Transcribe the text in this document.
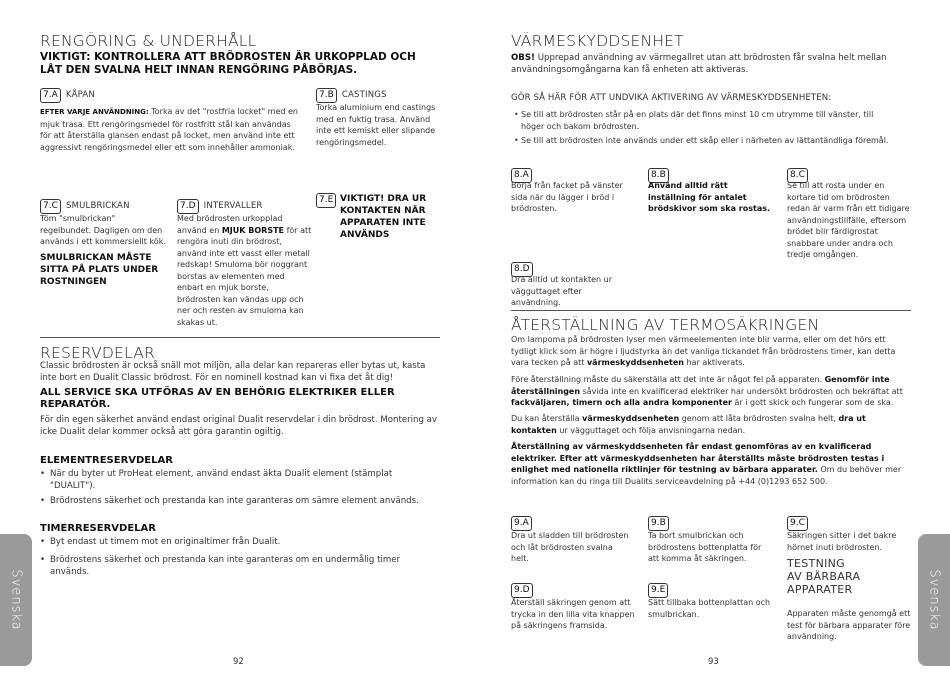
RENGÖRING & UNDERHÅLL
VIKTIGT: KONTROLLERA ATT BRÖDROSTEN ÄR URKOPPLAD OCH LÅT DEN SVALNA HELT INNAN RENGÖRING PÅBÖRJAS.
7.A KÅPAN
EFTER VARJE ANVÄNDNING: Torka av det "rostfria locket" med en mjuk trasa. Ett rengöringsmedel för rostfritt stål kan användas för att återställa glansen endast på locket, men använd inte ett aggressivt rengöringsmedel eller ett som innehåller ammoniak.
7.B CASTINGS
Torka aluminium end castings med en fuktig trasa. Använd inte ett kemiskt eller slipande rengöringsmedel.
7.C SMULBRICKAN
Töm "smulbrickan" regelbundet. Dagligen om den används i ett kommersiellt kök.
SMULBRICKAN MÅSTE SITTA PÅ PLATS UNDER ROSTNINGEN
7.D INTERVALLER
Med brödrosten urkopplad använd en MJUK BORSTE för att rengöra inuti din brödrost, använd inte ett vasst eller metall redskap! Smuloma bör noggrant borstas av elementen med enbart en mjuk borste, brödrosten kan vändas upp och ner och resten av smuloma kan skakas ut.
7.E VIKTIGT! DRA UR KONTAKTEN NÄR APPARATEN INTE ANVÄNDS
RESERVDELAR
Classic brödrosten är också snäll mot miljön, alla delar kan repareras eller bytas ut, kasta inte bort en Dualit Classic brödrost. För en nominell kostnad kan vi fixa det åt dig!
ALL SERVICE SKA UTFÖRAS AV EN BEHÖRIG ELEKTRIKER ELLER REPARATÖR.
För din egen säkerhet använd endast original Dualit reservdelar i din brödrost. Montering av icke Dualit delar kommer också att göra garantin ogiltig.
ELEMENTRESERVDELAR
• När du byter ut ProHeat element, använd endast äkta Dualit element (stämplat "DUALIT").
• Brödrostens säkerhet och prestanda kan inte garanteras om sämre element används.
TIMERRESERVDELAR
• Byt endast ut timem mot en originaltimer från Dualit.
• Brödrostens säkerhet och prestanda kan inte garanteras om en undermålig timer används.
Svenska
92
VÄRMESKYDDSENHET
OBS! Upprepad användning av värmegallret utan att brödrosten får svalna helt mellan användningsomgångarna kan få enheten att aktiveras.
GÖR SÅ HÄR FÖR ATT UNDVIKA AKTIVERING AV VÄRMESKYDDSENHETEN:
• Se till att brödrosten står på en plats där det finns minst 10 cm utrymme till vänster, till höger och bakom brödrosten.
• Se till att brödrosten inte används under ett skåp eller i närheten av lättantändliga föremål.
8.A
Börja från facket på vänster sida när du lägger i bröd i brödrosten.
8.B
Använd alltid rätt inställning för antalet brödskivor som ska rostas.
8.C
Se till att rosta under en kortare tid om brödrosten redan är varm från ett tidigare användningstillfälle, eftersom brödet blir färdigrostat snabbare under andra och tredje omgången.
8.D
Dra alltid ut kontakten ur vägguttaget efter användning.
ÅTERSTÄLLNING AV TERMOSÄKRINGEN
Om lampoma på brödrosten lyser men värmeelementen inte blir varma, eller om det hörs ett tydligt klick som är högre i ljudstyrka än det vanliga tickandet från brödrostens timer, kan detta vara tecken på att värmeskyddsenheten har aktiverats.
Före återställning måste du säkerställa att det inte är något fel på apparaten. Genomför inte återställningen såvida inte en kvalificerad elektriker har undersökt brödrosten och bekräftat att fackväljaren, timern och alla andra komponenter är i gott skick och fungerar som de ska.
Du kan återställa värmeskyddsenheten genom att låta brödrosten svalna helt, dra ut kontakten ur vägguttaget och följa anvisningarna nedan.
Återställning av värmeskyddsenheten får endast genomföras av en kvalificerad elektriker. Efter att värmeskyddsenheten har återställts måste brödrosten testas i enlighet med nationella riktlinjer för testning av bärbara apparater. Om du behöver mer information kan du ringa till Dualits serviceavdelning på +44 (0)1293 652 500.
9.A
Dra ut sladden till brödrosten och låt brödrosten svalna helt.
9.B
Ta bort smulbrickan och brödrostens bottenplatta för att komma åt säkringen.
9.C
Säkringen sitter i det bakre hörnet inuti brödrosten.
9.D
Återställ säkringen genom att trycka in den lilla vita knappen på säkringens framsida.
9.E
Sätt tillbaka bottenplattan och smulbrickan.
TESTNING
AV BÄRBARA
APPARATER
Apparaten måste genomgå ett test för bärbara apparater före användning.
Svenska
93
